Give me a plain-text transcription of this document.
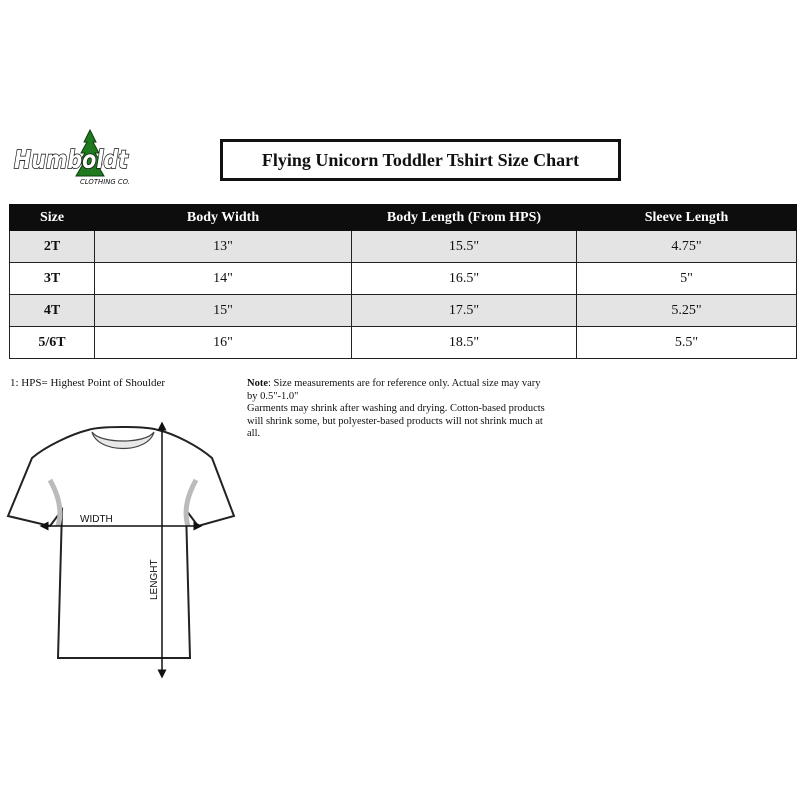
Humboldt
CLOTHING CO.
Flying Unicorn Toddler Tshirt Size Chart
Size	Body Width	Body Length (From HPS)	Sleeve Length
2T	13"	15.5"	4.75"
3T	14"	16.5"	5"
4T	15"	17.5"	5.25"
5/6T	16"	18.5"	5.5"
1: HPS= Highest Point of Shoulder	Note: Size measurements are for reference only. Actual size may vary by 0.5"-1.0"

Garments may shrink after washing and drying. Cotton-based products will shrink some, but polyester-based products will not shrink much at all.

WIDTH
LENGHT
